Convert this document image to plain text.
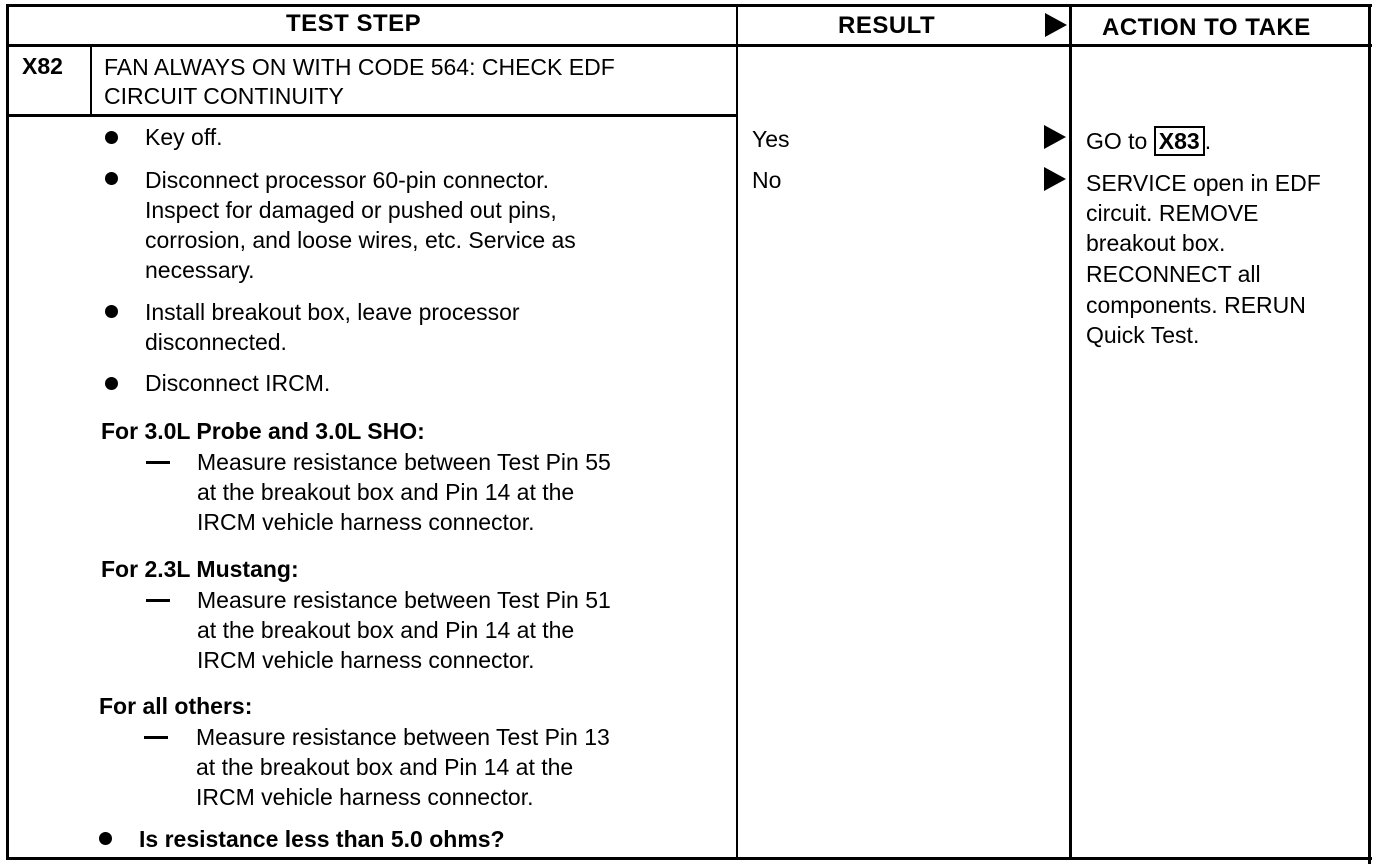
TEST STEP	RESULT	ACTION TO TAKE
X82 FAN ALWAYS ON WITH CODE 564: CHECK EDF
CIRCUIT CONTINUITY
Key off.
Disconnect processor 60-pin connector.
Inspect for damaged or pushed out pins,
corrosion, and loose wires, etc. Service as
necessary.
Install breakout box, leave processor
disconnected.
Disconnect IRCM.
For 3.0L Probe and 3.0L SHO:
Measure resistance between Test Pin 55
at the breakout box and Pin 14 at the
IRCM vehicle harness connector.
For 2.3L Mustang:
Measure resistance between Test Pin 51
at the breakout box and Pin 14 at the
IRCM vehicle harness connector.
For all others:
Measure resistance between Test Pin 13
at the breakout box and Pin 14 at the
IRCM vehicle harness connector.
Is resistance less than 5.0 ohms?
Yes
No
GO to X83 .
SERVICE open in EDF
circuit. REMOVE
breakout box.
RECONNECT all
components. RERUN
Quick Test.
